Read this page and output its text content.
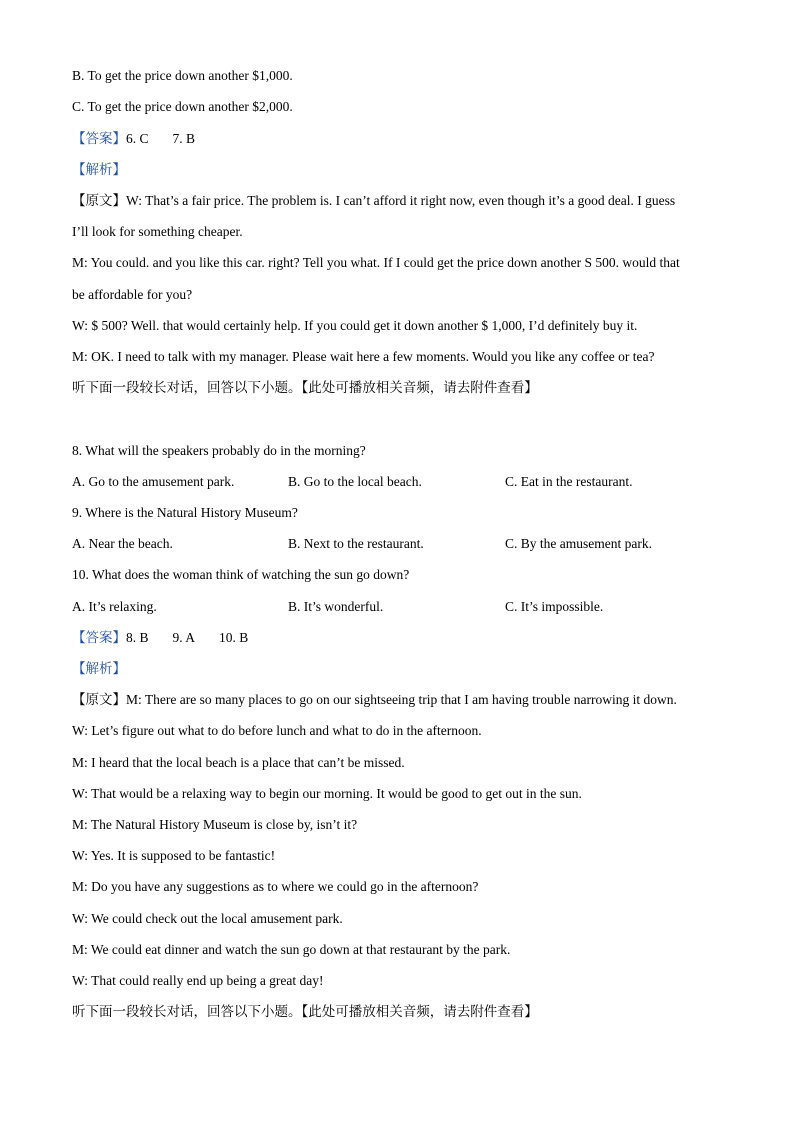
B. To get the price down another $1,000.
C. To get the price down another $2,000.
【答案】6. C 7. B
【解析】
【原文】W: That’s a fair price. The problem is. I can’t afford it right now, even though it’s a good deal. I guess
I’ll look for something cheaper.
M: You could. and you like this car. right? Tell you what. If I could get the price down another S 500. would that
be affordable for you?
W: $ 500? Well. that would certainly help. If you could get it down another $ 1,000, I’d definitely buy it.
M: OK. I need to talk with my manager. Please wait here a few moments. Would you like any coffee or tea?
听下面一段较长对话，回答以下小题。【此处可播放相关音频，请去附件查看】
8. What will the speakers probably do in the morning?
A. Go to the amusement park.	B. Go to the local beach.	C. Eat in the restaurant.
9. Where is the Natural History Museum?
A. Near the beach.	B. Next to the restaurant.	C. By the amusement park.
10. What does the woman think of watching the sun go down?
A. It’s relaxing.	B. It’s wonderful.	C. It’s impossible.
【答案】8. B 9. A 10. B
【解析】
【原文】M: There are so many places to go on our sightseeing trip that I am having trouble narrowing it down.
W: Let’s figure out what to do before lunch and what to do in the afternoon.
M: I heard that the local beach is a place that can’t be missed.
W: That would be a relaxing way to begin our morning. It would be good to get out in the sun.
M: The Natural History Museum is close by, isn’t it?
W: Yes. It is supposed to be fantastic!
M: Do you have any suggestions as to where we could go in the afternoon?
W: We could check out the local amusement park.
M: We could eat dinner and watch the sun go down at that restaurant by the park.
W: That could really end up being a great day!
听下面一段较长对话，回答以下小题。【此处可播放相关音频，请去附件查看】
